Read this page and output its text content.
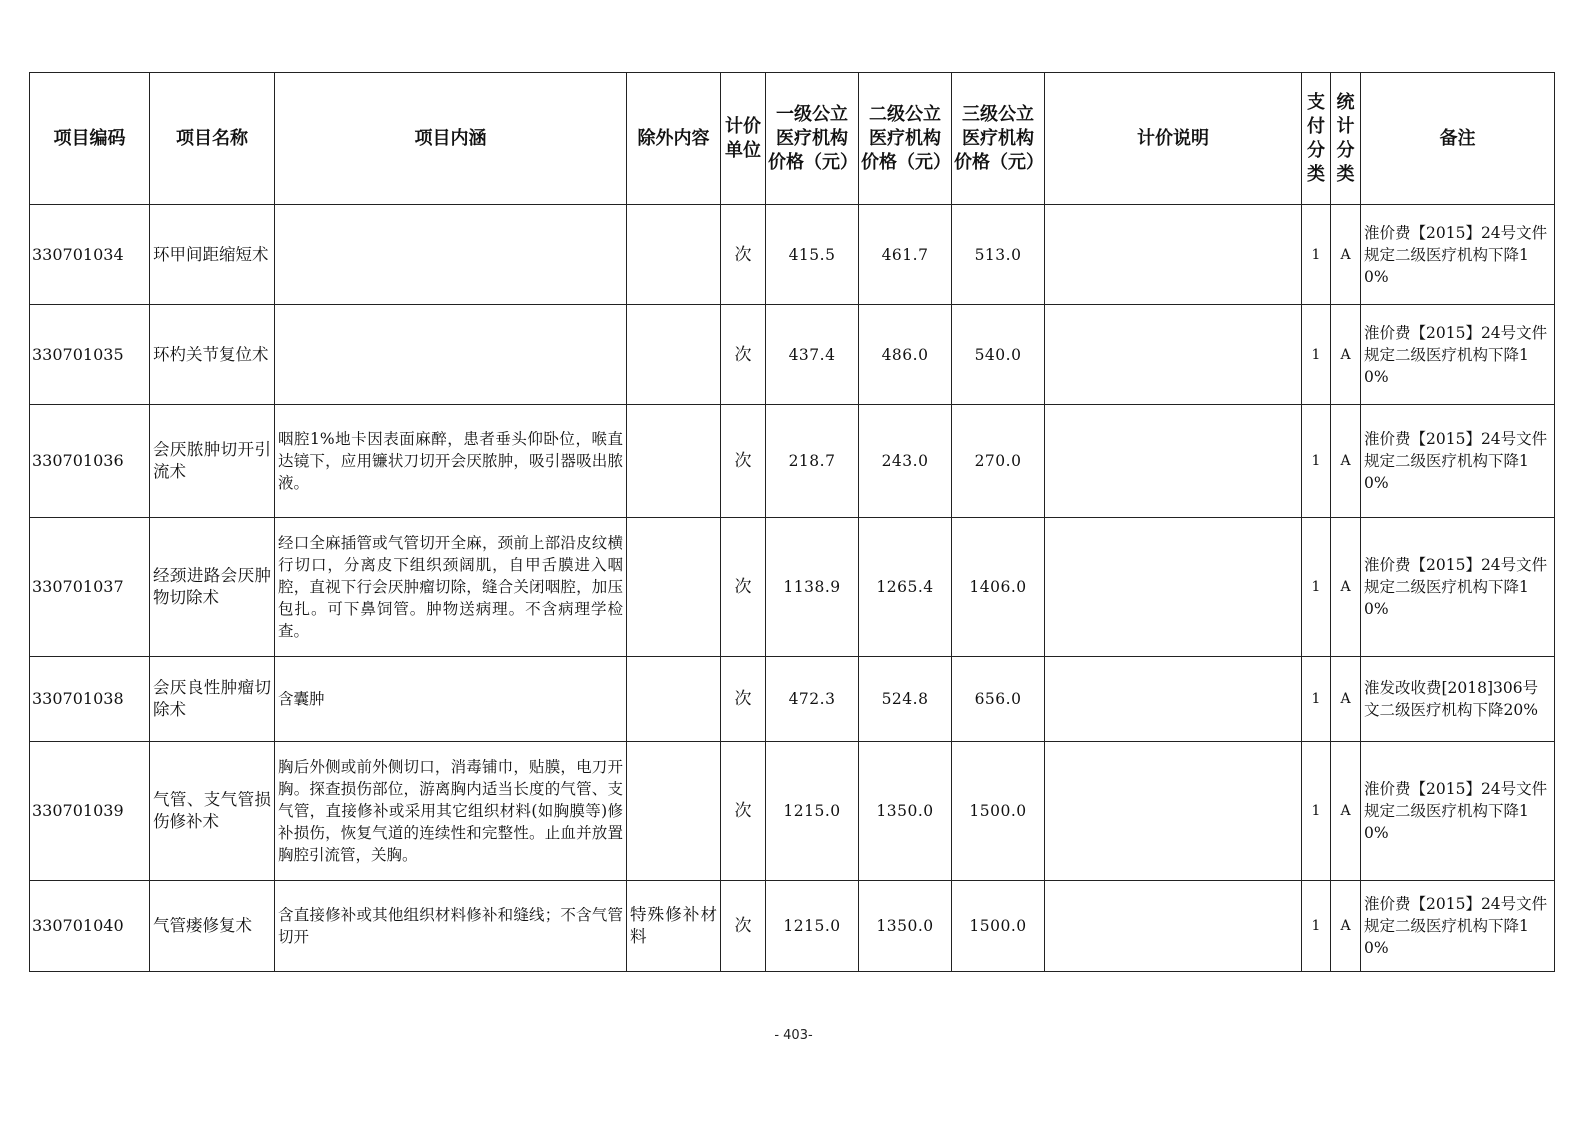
项目编码	项目名称	项目内涵	除外内容	计价单位	一级公立医疗机构价格（元）	二级公立医疗机构价格（元）	三级公立医疗机构价格（元）	计价说明	支付分类	统计分类	备注
330701034	环甲间距缩短术			次	415.5	461.7	513.0		1	A	淮价费【2015】24号文件规定二级医疗机构下降10%
330701035	环杓关节复位术			次	437.4	486.0	540.0		1	A	淮价费【2015】24号文件规定二级医疗机构下降10%
330701036	会厌脓肿切开引流术	咽腔1%地卡因表面麻醉，患者垂头仰卧位，喉直达镜下，应用镰状刀切开会厌脓肿，吸引器吸出脓液。		次	218.7	243.0	270.0		1	A	淮价费【2015】24号文件规定二级医疗机构下降10%
330701037	经颈进路会厌肿物切除术	经口全麻插管或气管切开全麻，颈前上部沿皮纹横行切口，分离皮下组织颈阔肌，自甲舌膜进入咽腔，直视下行会厌肿瘤切除，缝合关闭咽腔，加压包扎。可下鼻饲管。肿物送病理。不含病理学检查。		次	1138.9	1265.4	1406.0		1	A	淮价费【2015】24号文件规定二级医疗机构下降10%
330701038	会厌良性肿瘤切除术	含囊肿		次	472.3	524.8	656.0		1	A	淮发改收费[2018]306号文二级医疗机构下降20%
330701039	气管、支气管损伤修补术	胸后外侧或前外侧切口，消毒铺巾，贴膜，电刀开胸。探查损伤部位，游离胸内适当长度的气管、支气管，直接修补或采用其它组织材料(如胸膜等)修补损伤，恢复气道的连续性和完整性。止血并放置胸腔引流管，关胸。		次	1215.0	1350.0	1500.0		1	A	淮价费【2015】24号文件规定二级医疗机构下降10%
330701040	气管瘘修复术	含直接修补或其他组织材料修补和缝线；不含气管切开	特殊修补材料	次	1215.0	1350.0	1500.0		1	A	淮价费【2015】24号文件规定二级医疗机构下降10%
- 403-
